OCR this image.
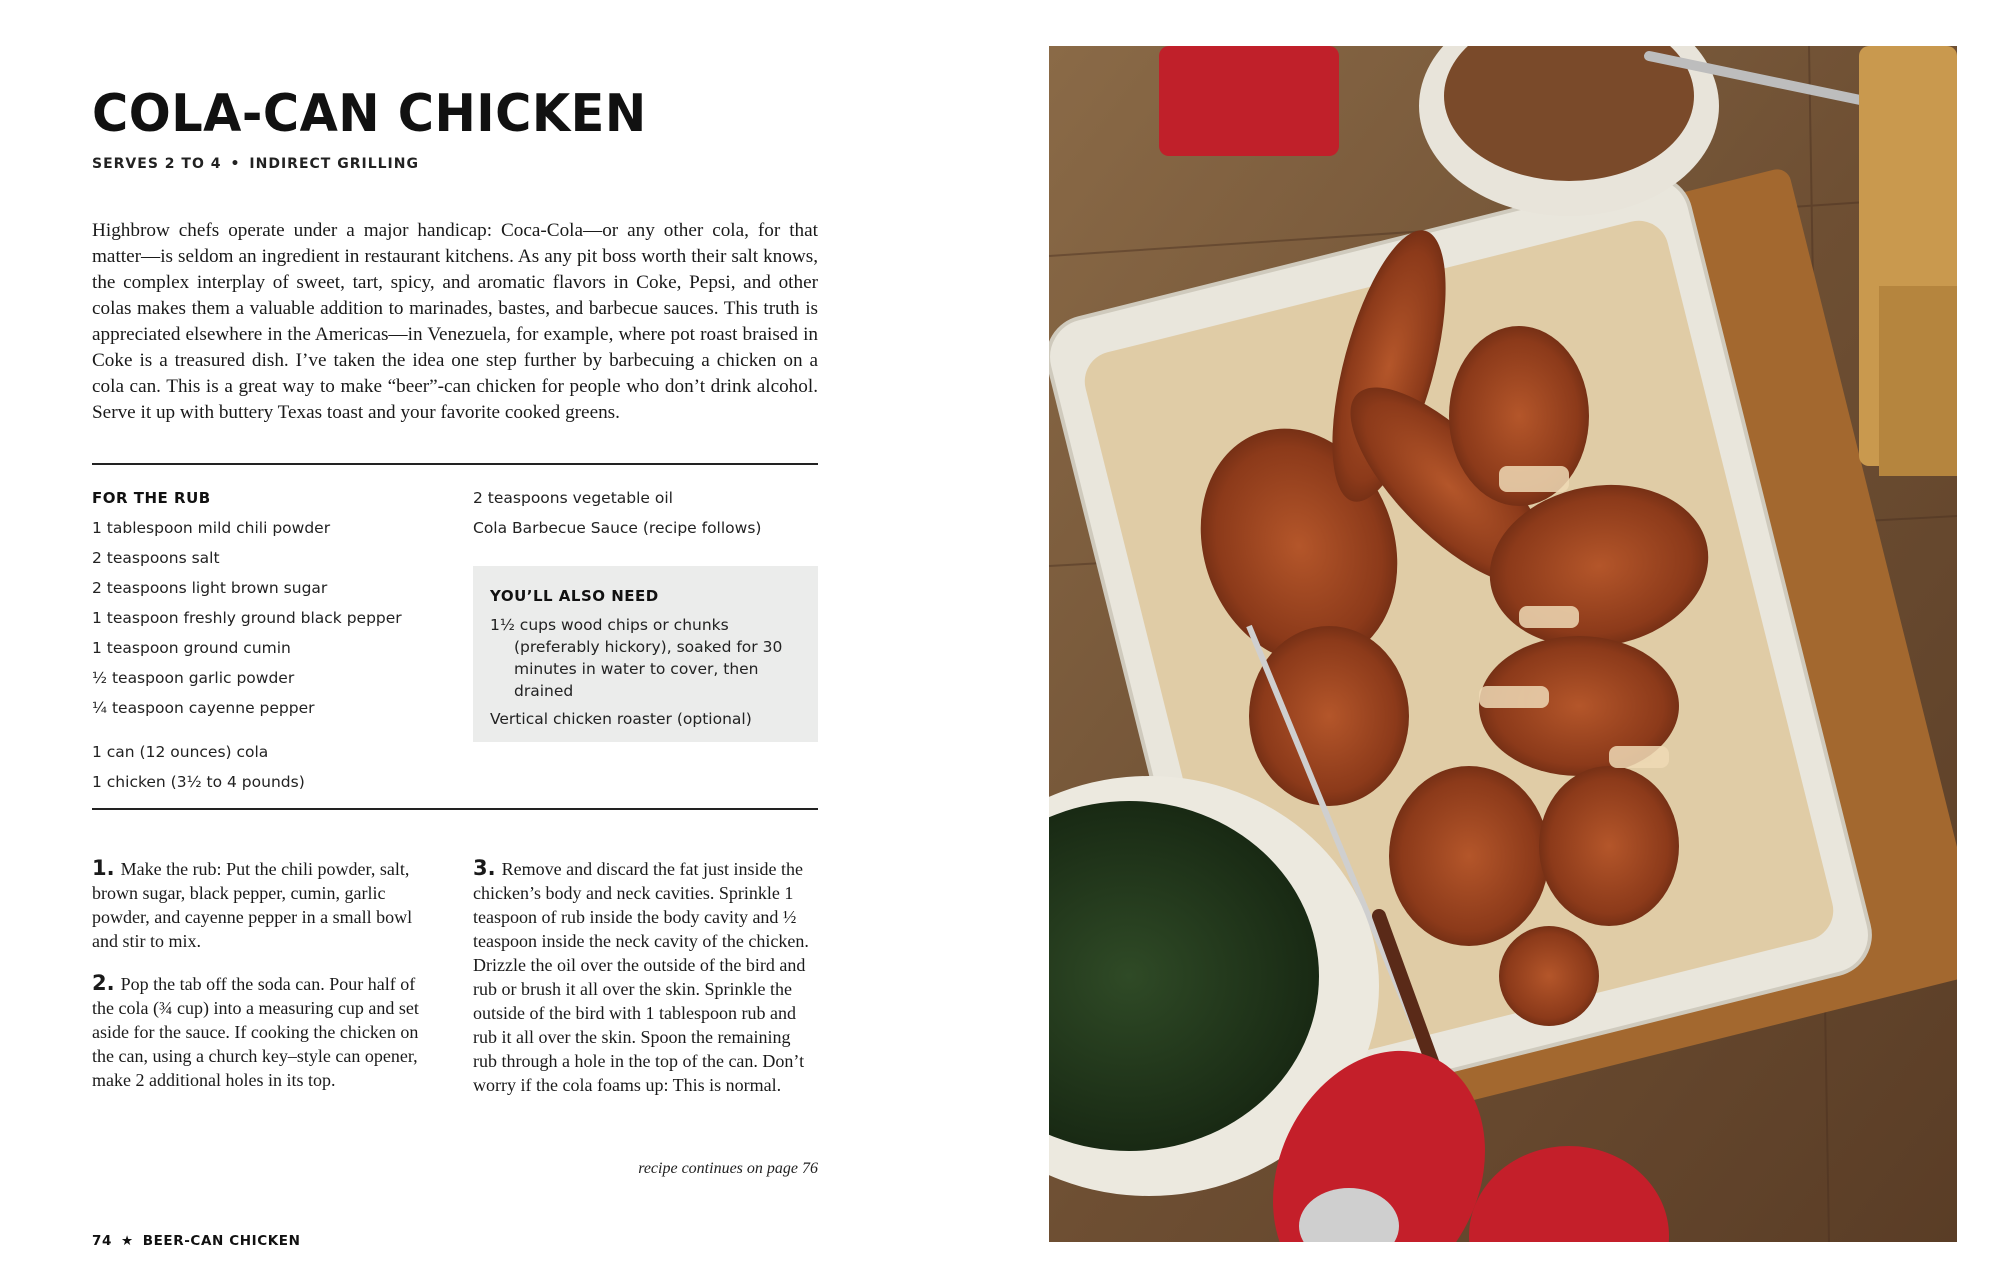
COLA-CAN CHICKEN
SERVES 2 TO 4 • INDIRECT GRILLING

Highbrow chefs operate under a major handicap: Coca-Cola—or any other cola, for that matter—is seldom an ingredient in restaurant kitchens. As any pit boss worth their salt knows, the complex interplay of sweet, tart, spicy, and aromatic flavors in Coke, Pepsi, and other colas makes them a valuable addition to marinades, bastes, and barbecue sauces. This truth is appreciated elsewhere in the Americas—in Venezuela, for example, where pot roast braised in Coke is a treasured dish. I’ve taken the idea one step further by barbecuing a chicken on a cola can. This is a great way to make “beer”-can chicken for people who don’t drink alcohol. Serve it up with buttery Texas toast and your favorite cooked greens.

FOR THE RUB
1 tablespoon mild chili powder
2 teaspoons salt
2 teaspoons light brown sugar
1 teaspoon freshly ground black pepper
1 teaspoon ground cumin
½ teaspoon garlic powder
¼ teaspoon cayenne pepper
1 can (12 ounces) cola
1 chicken (3½ to 4 pounds)
2 teaspoons vegetable oil
Cola Barbecue Sauce (recipe follows)
YOU’LL ALSO NEED
1½ cups wood chips or chunks (preferably hickory), soaked for 30 minutes in water to cover, then drained
Vertical chicken roaster (optional)

1. Make the rub: Put the chili powder, salt, brown sugar, black pepper, cumin, garlic powder, and cayenne pepper in a small bowl and stir to mix.

2. Pop the tab off the soda can. Pour half of the cola (¾ cup) into a measuring cup and set aside for the sauce. If cooking the chicken on the can, using a church key–style can opener, make 2 additional holes in its top.

3. Remove and discard the fat just inside the chicken’s body and neck cavities. Sprinkle 1 teaspoon of rub inside the body cavity and ½ teaspoon inside the neck cavity of the chicken. Drizzle the oil over the outside of the bird and rub or brush it all over the skin. Sprinkle the outside of the bird with 1 tablespoon rub and rub it all over the skin. Spoon the remaining rub through a hole in the top of the can. Don’t worry if the cola foams up: This is normal.

recipe continues on page 76
74 ★ BEER-CAN CHICKEN
